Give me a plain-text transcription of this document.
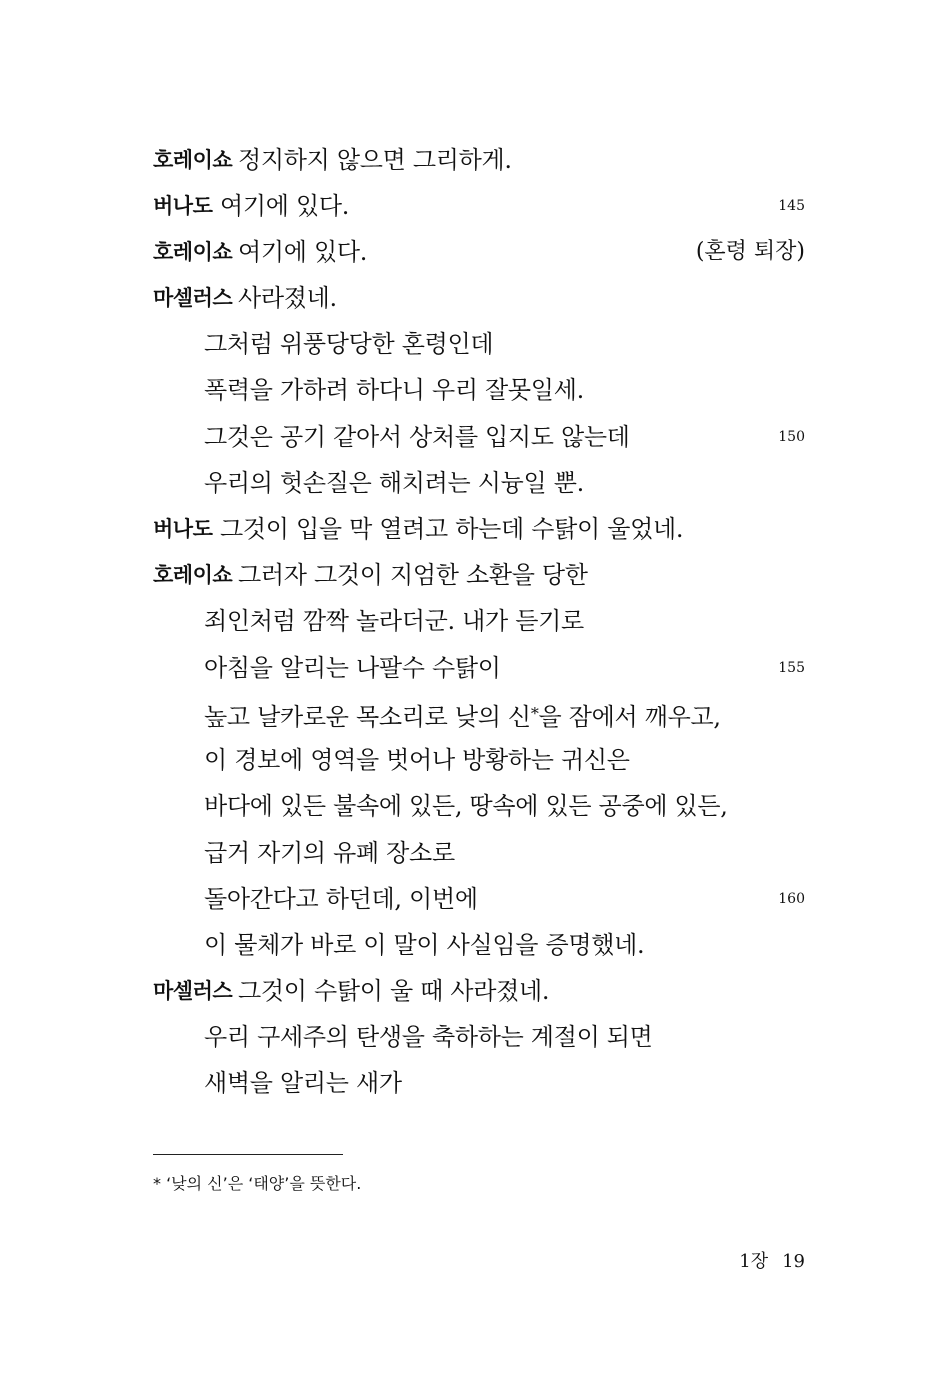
호레이쇼 정지하지 않으면 그리하게.
버나도 여기에 있다.	145
호레이쇼 여기에 있다.	(혼령 퇴장)
마셀러스 사라졌네.
그처럼 위풍당당한 혼령인데
폭력을 가하려 하다니 우리 잘못일세.
그것은 공기 같아서 상처를 입지도 않는데	150
우리의 헛손질은 해치려는 시늉일 뿐.
버나도 그것이 입을 막 열려고 하는데 수탉이 울었네.
호레이쇼 그러자 그것이 지엄한 소환을 당한
죄인처럼 깜짝 놀라더군. 내가 듣기로
아침을 알리는 나팔수 수탉이	155
높고 날카로운 목소리로 낮의 신*을 잠에서 깨우고,
이 경보에 영역을 벗어나 방황하는 귀신은
바다에 있든 불속에 있든, 땅속에 있든 공중에 있든,
급거 자기의 유폐 장소로
돌아간다고 하던데, 이번에	160
이 물체가 바로 이 말이 사실임을 증명했네.
마셀러스 그것이 수탉이 울 때 사라졌네.
우리 구세주의 탄생을 축하하는 계절이 되면
새벽을 알리는 새가
* ‘낮의 신’은 ‘태양’을 뜻한다.
1장 19
